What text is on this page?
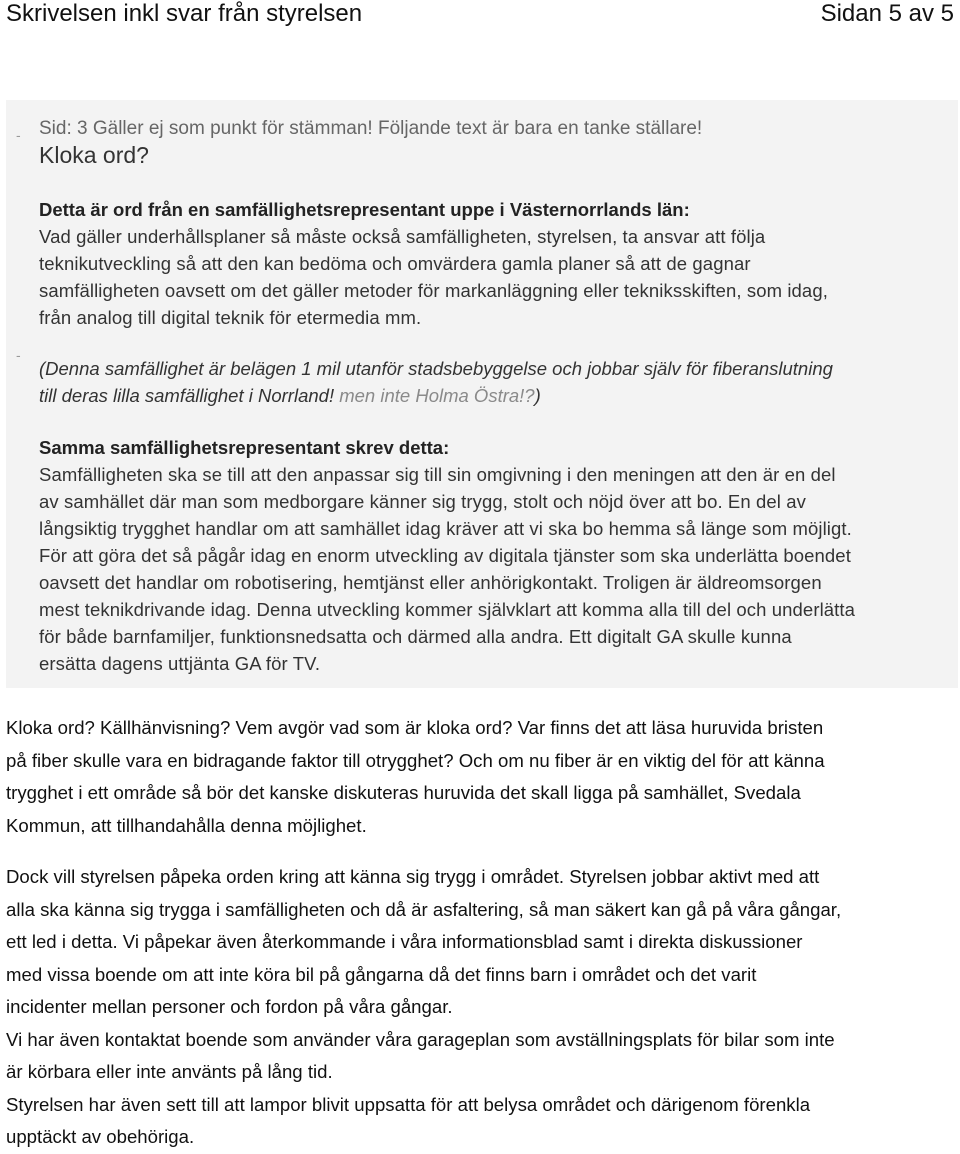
Skrivelsen inkl svar från styrelsen	Sidan 5 av 5
-
-
Sid: 3 Gäller ej som punkt för stämman! Följande text är bara en tanke ställare!
Kloka ord?
Detta är ord från en samfällighetsrepresentant uppe i Västernorrlands län:
Vad gäller underhållsplaner så måste också samfälligheten, styrelsen, ta ansvar att följa
teknikutveckling så att den kan bedöma och omvärdera gamla planer så att de gagnar
samfälligheten oavsett om det gäller metoder för markanläggning eller tekniksskiften, som idag,
från analog till digital teknik för etermedia mm.
(Denna samfällighet är belägen 1 mil utanför stadsbebyggelse och jobbar själv för fiberanslutning
till deras lilla samfällighet i Norrland! men inte Holma Östra!?)
Samma samfällighetsrepresentant skrev detta:
Samfälligheten ska se till att den anpassar sig till sin omgivning i den meningen att den är en del
av samhället där man som medborgare känner sig trygg, stolt och nöjd över att bo. En del av
långsiktig trygghet handlar om att samhället idag kräver att vi ska bo hemma så länge som möjligt.
För att göra det så pågår idag en enorm utveckling av digitala tjänster som ska underlätta boendet
oavsett det handlar om robotisering, hemtjänst eller anhörigkontakt. Troligen är äldreomsorgen
mest teknikdrivande idag. Denna utveckling kommer självklart att komma alla till del och underlätta
för både barnfamiljer, funktionsnedsatta och därmed alla andra. Ett digitalt GA skulle kunna
ersätta dagens uttjänta GA för TV.

Kloka ord? Källhänvisning? Vem avgör vad som är kloka ord? Var finns det att läsa huruvida bristen

på fiber skulle vara en bidragande faktor till otrygghet? Och om nu fiber är en viktig del för att känna

trygghet i ett område så bör det kanske diskuteras huruvida det skall ligga på samhället, Svedala

Kommun, att tillhandahålla denna möjlighet.

Dock vill styrelsen påpeka orden kring att känna sig trygg i området. Styrelsen jobbar aktivt med att

alla ska känna sig trygga i samfälligheten och då är asfaltering, så man säkert kan gå på våra gångar,

ett led i detta. Vi påpekar även återkommande i våra informationsblad samt i direkta diskussioner

med vissa boende om att inte köra bil på gångarna då det finns barn i området och det varit

incidenter mellan personer och fordon på våra gångar.

Vi har även kontaktat boende som använder våra garageplan som avställningsplats för bilar som inte

är körbara eller inte använts på lång tid.

Styrelsen har även sett till att lampor blivit uppsatta för att belysa området och därigenom förenkla

upptäckt av obehöriga.
